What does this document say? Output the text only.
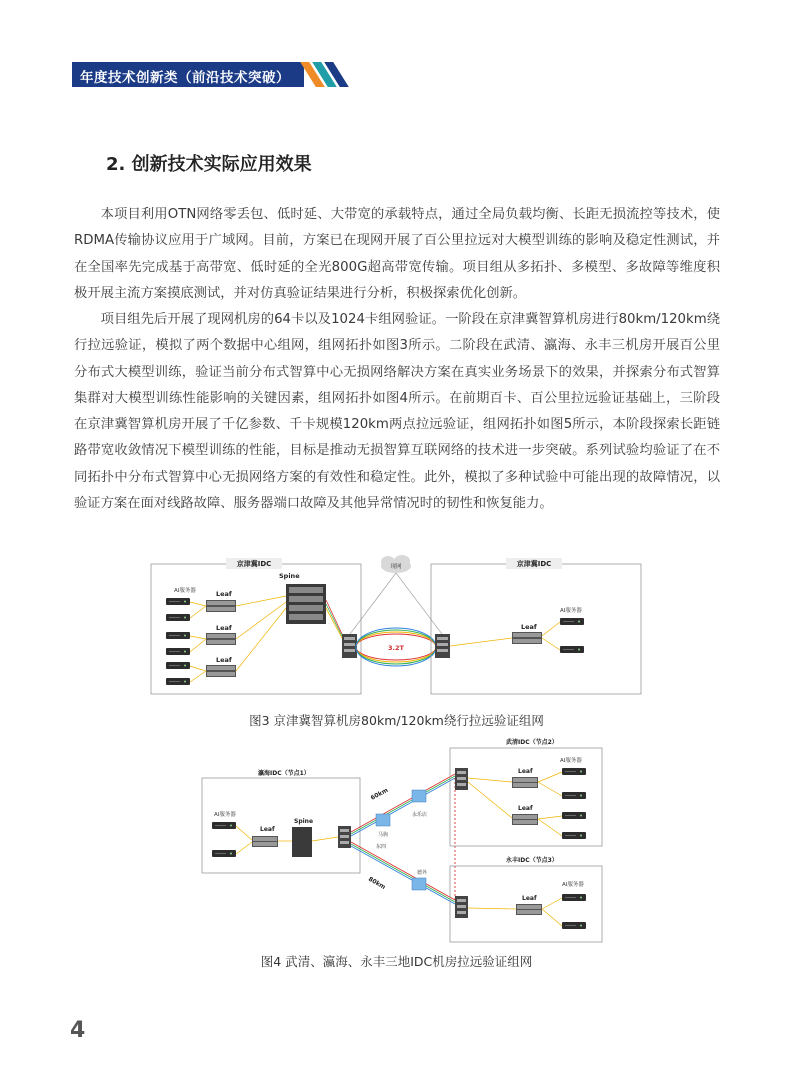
年度技术创新类（前沿技术突破）
2. 创新技术实际应用效果

本项目利用OTN网络零丢包、低时延、大带宽的承载特点，通过全局负载均衡、长距无损流控等技术，使RDMA传输协议应用于广域网。目前，方案已在现网开展了百公里拉远对大模型训练的影响及稳定性测试，并在全国率先完成基于高带宽、低时延的全光800G超高带宽传输。项目组从多拓扑、多模型、多故障等维度积极开展主流方案摸底测试，并对仿真验证结果进行分析，积极探索优化创新。

项目组先后开展了现网机房的64卡以及1024卡组网验证。一阶段在京津冀智算机房进行80km/120km绕行拉远验证，模拟了两个数据中心组网，组网拓扑如图3所示。二阶段在武清、瀛海、永丰三机房开展百公里分布式大模型训练，验证当前分布式智算中心无损网络解决方案在真实业务场景下的效果，并探索分布式智算集群对大模型训练性能影响的关键因素，组网拓扑如图4所示。在前期百卡、百公里拉远验证基础上，三阶段在京津冀智算机房开展了千亿参数、千卡规模120km两点拉远验证，组网拓扑如图5所示，本阶段探索长距链路带宽收敛情况下模型训练的性能，目标是推动无损智算互联网络的技术进一步突破。系列试验均验证了在不同拓扑中分布式智算中心无损网络方案的有效性和稳定性。此外，模拟了多种试验中可能出现的故障情况，以验证方案在面对线路故障、服务器端口故障及其他异常情况时的韧性和恢复能力。

京津冀IDC
AI服务器	Leaf
Leaf
Leaf
Spine
3.2T
现网	京津冀IDC
Leaf
AI服务器
图3 京津冀智算机房80km/120km绕行拉远验证组网
瀛海IDC（节点1）
AI服务器
Leaf
Spine
60km
80km
永乐店
马驹
东四
德外
武清IDC（节点2）
Leaf
Leaf
AI服务器
永丰IDC（节点3）
Leaf
AI服务器
图4 武清、瀛海、永丰三地IDC机房拉远验证组网
4
